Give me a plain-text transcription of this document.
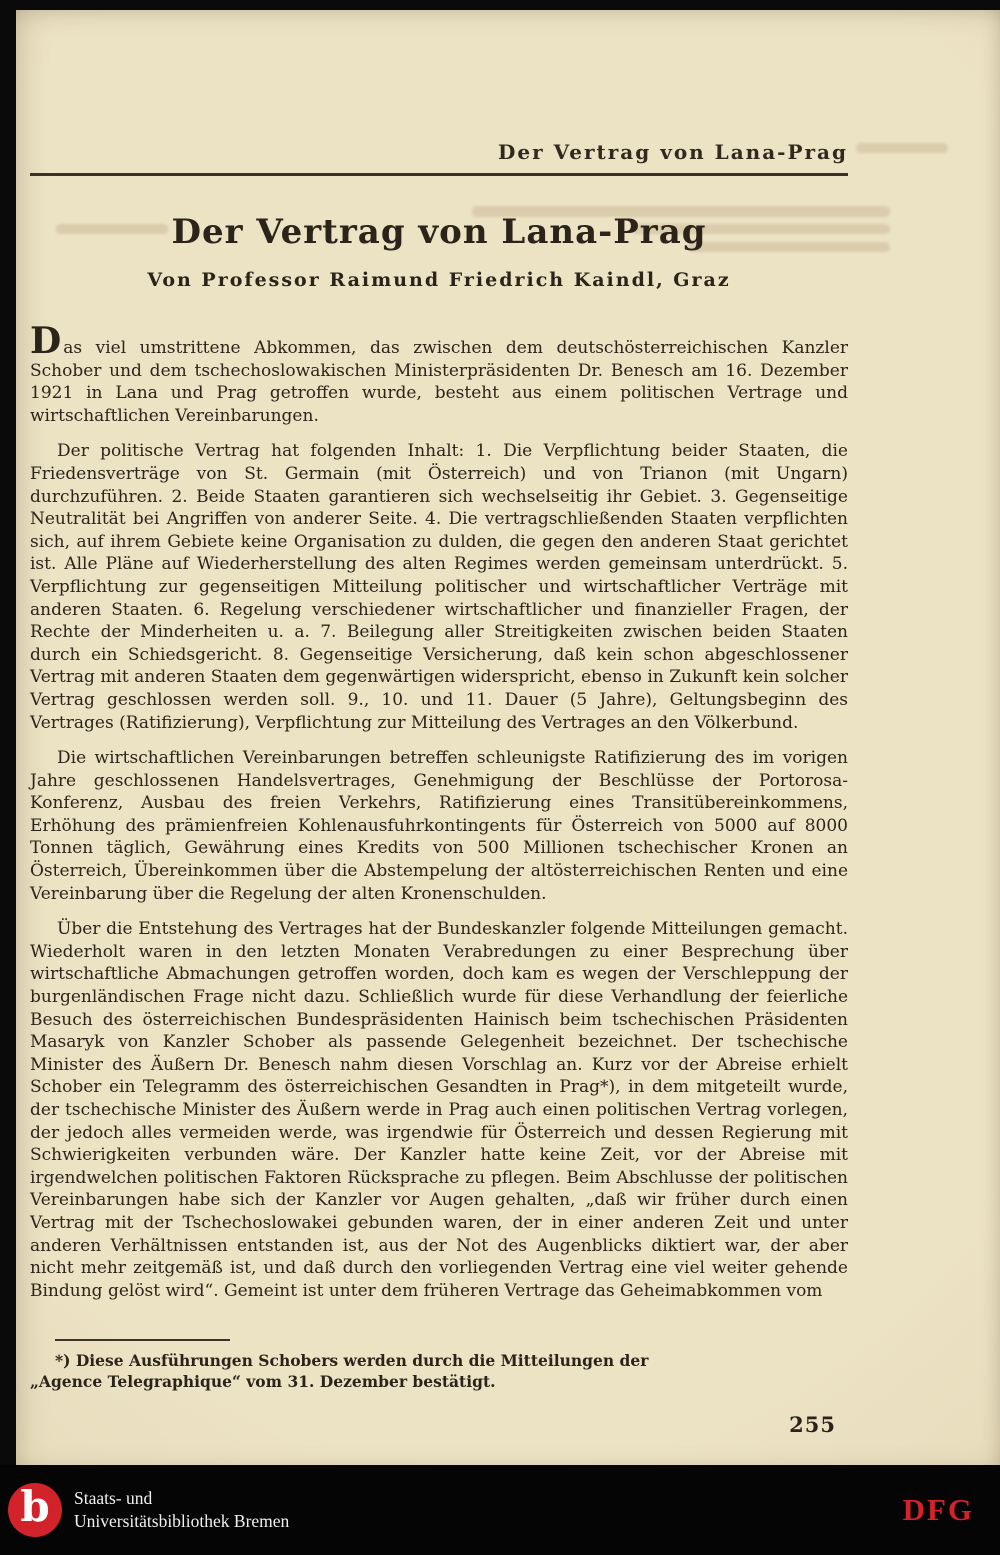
Der Vertrag von Lana-Prag
Der Vertrag von Lana-Prag
Von Professor Raimund Friedrich Kaindl, Graz

Das viel umstrittene Abkommen, das zwischen dem deutschösterreichischen Kanzler Schober und dem tschechoslowakischen Ministerpräsidenten Dr. Benesch am 16. Dezember 1921 in Lana und Prag getroffen wurde, besteht aus einem politischen Vertrage und wirtschaftlichen Vereinbarungen.

Der politische Vertrag hat folgenden Inhalt: 1. Die Verpflichtung beider Staaten, die Friedensverträge von St. Germain (mit Österreich) und von Trianon (mit Ungarn) durchzuführen. 2. Beide Staaten garantieren sich wechselseitig ihr Gebiet. 3. Gegenseitige Neutralität bei Angriffen von anderer Seite. 4. Die vertragschließenden Staaten verpflichten sich, auf ihrem Gebiete keine Organisation zu dulden, die gegen den anderen Staat gerichtet ist. Alle Pläne auf Wiederherstellung des alten Regimes werden gemeinsam unterdrückt. 5. Verpflichtung zur gegenseitigen Mitteilung politischer und wirtschaftlicher Verträge mit anderen Staaten. 6. Regelung verschiedener wirtschaftlicher und finanzieller Fragen, der Rechte der Minderheiten u. a. 7. Beilegung aller Streitigkeiten zwischen beiden Staaten durch ein Schiedsgericht. 8. Gegenseitige Versicherung, daß kein schon abgeschlossener Vertrag mit anderen Staaten dem gegenwärtigen widerspricht, ebenso in Zukunft kein solcher Vertrag geschlossen werden soll. 9., 10. und 11. Dauer (5 Jahre), Geltungsbeginn des Vertrages (Ratifizierung), Verpflichtung zur Mitteilung des Vertrages an den Völkerbund.

Die wirtschaftlichen Vereinbarungen betreffen schleunigste Ratifizierung des im vorigen Jahre geschlossenen Handelsvertrages, Genehmigung der Beschlüsse der Portorosa-Konferenz, Ausbau des freien Verkehrs, Ratifizierung eines Transitübereinkommens, Erhöhung des prämienfreien Kohlenausfuhrkontingents für Österreich von 5000 auf 8000 Tonnen täglich, Gewährung eines Kredits von 500 Millionen tschechischer Kronen an Österreich, Übereinkommen über die Abstempelung der altösterreichischen Renten und eine Vereinbarung über die Regelung der alten Kronenschulden.

Über die Entstehung des Vertrages hat der Bundeskanzler folgende Mitteilungen gemacht. Wiederholt waren in den letzten Monaten Verabredungen zu einer Besprechung über wirtschaftliche Abmachungen getroffen worden, doch kam es wegen der Verschleppung der burgenländischen Frage nicht dazu. Schließlich wurde für diese Verhandlung der feierliche Besuch des österreichischen Bundespräsidenten Hainisch beim tschechischen Präsidenten Masaryk von Kanzler Schober als passende Gelegenheit bezeichnet. Der tschechische Minister des Äußern Dr. Benesch nahm diesen Vorschlag an. Kurz vor der Abreise erhielt Schober ein Telegramm des österreichischen Gesandten in Prag*), in dem mitgeteilt wurde, der tschechische Minister des Äußern werde in Prag auch einen politischen Vertrag vorlegen, der jedoch alles vermeiden werde, was irgendwie für Österreich und dessen Regierung mit Schwierigkeiten verbunden wäre. Der Kanzler hatte keine Zeit, vor der Abreise mit irgendwelchen politischen Faktoren Rücksprache zu pflegen. Beim Abschlusse der politischen Vereinbarungen habe sich der Kanzler vor Augen gehalten, „daß wir früher durch einen Vertrag mit der Tschechoslowakei gebunden waren, der in einer anderen Zeit und unter anderen Verhältnissen entstanden ist, aus der Not des Augenblicks diktiert war, der aber nicht mehr zeitgemäß ist, und daß durch den vorliegenden Vertrag eine viel weiter gehende Bindung gelöst wird“. Gemeint ist unter dem früheren Vertrage das Geheimabkommen vom

*) Diese Ausführungen Schobers werden durch die Mitteilungen der „Agence Telegraphique“ vom 31. Dezember bestätigt.
255
b Staats- und
Universitätsbibliothek Bremen	DFG
